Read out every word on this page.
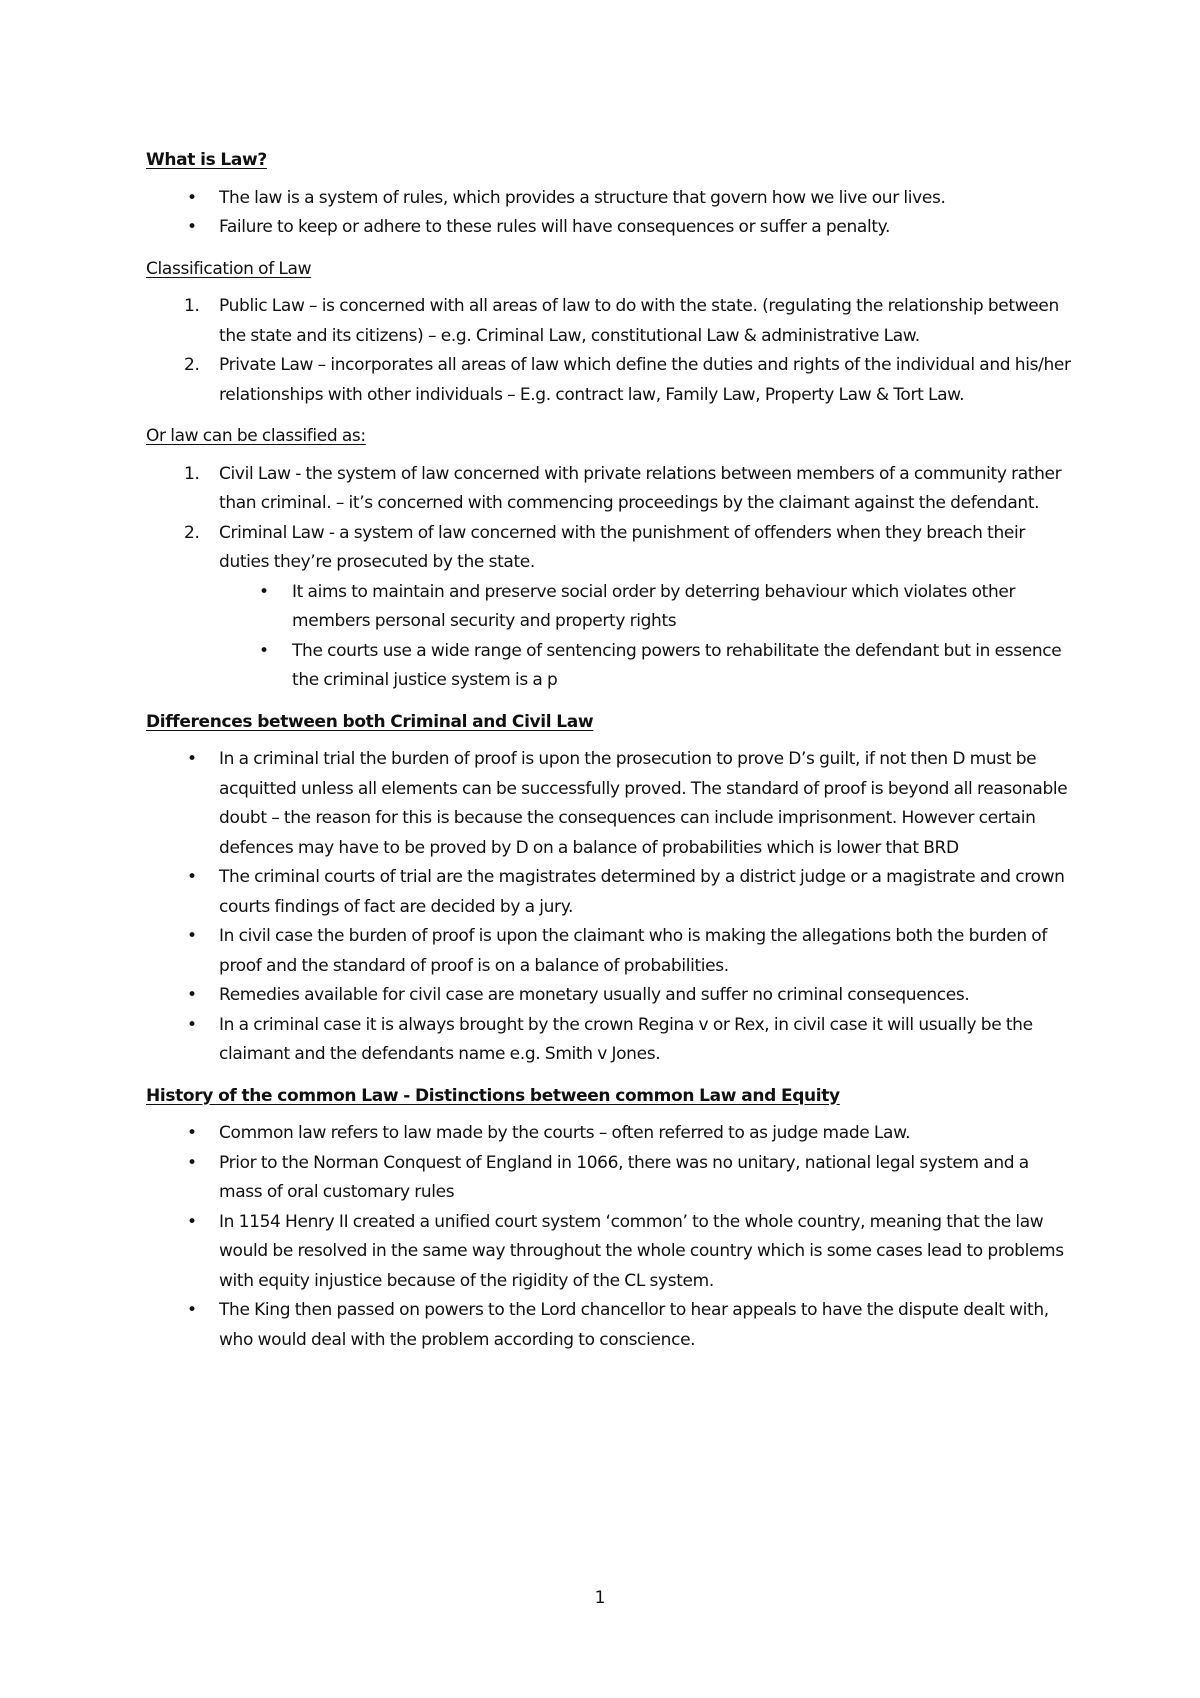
What is Law?
• The law is a system of rules, which provides a structure that govern how we live our lives.
• Failure to keep or adhere to these rules will have consequences or suffer a penalty.
Classification of Law
1. Public Law – is concerned with all areas of law to do with the state. (regulating the relationship between the state and its citizens) – e.g. Criminal Law, constitutional Law & administrative Law.
2. Private Law – incorporates all areas of law which define the duties and rights of the individual and his/her relationships with other individuals – E.g. contract law, Family Law, Property Law & Tort Law.
Or law can be classified as:
1. Civil Law - the system of law concerned with private relations between members of a community rather than criminal. – it’s concerned with commencing proceedings by the claimant against the defendant.
2. Criminal Law - a system of law concerned with the punishment of offenders when they breach their duties they’re prosecuted by the state.
• It aims to maintain and preserve social order by deterring behaviour which violates other members personal security and property rights
• The courts use a wide range of sentencing powers to rehabilitate the defendant but in essence the criminal justice system is a p
Differences between both Criminal and Civil Law
• In a criminal trial the burden of proof is upon the prosecution to prove D’s guilt, if not then D must be acquitted unless all elements can be successfully proved. The standard of proof is beyond all reasonable doubt – the reason for this is because the consequences can include imprisonment. However certain defences may have to be proved by D on a balance of probabilities which is lower that BRD
• The criminal courts of trial are the magistrates determined by a district judge or a magistrate and crown courts findings of fact are decided by a jury.
• In civil case the burden of proof is upon the claimant who is making the allegations both the burden of proof and the standard of proof is on a balance of probabilities.
• Remedies available for civil case are monetary usually and suffer no criminal consequences.
• In a criminal case it is always brought by the crown Regina v or Rex, in civil case it will usually be the claimant and the defendants name e.g. Smith v Jones.
History of the common Law - Distinctions between common Law and Equity
• Common law refers to law made by the courts – often referred to as judge made Law.
• Prior to the Norman Conquest of England in 1066, there was no unitary, national legal system and a mass of oral customary rules
• In 1154 Henry II created a unified court system ‘common’ to the whole country, meaning that the law would be resolved in the same way throughout the whole country which is some cases lead to problems with equity injustice because of the rigidity of the CL system.
• The King then passed on powers to the Lord chancellor to hear appeals to have the dispute dealt with, who would deal with the problem according to conscience.
1
